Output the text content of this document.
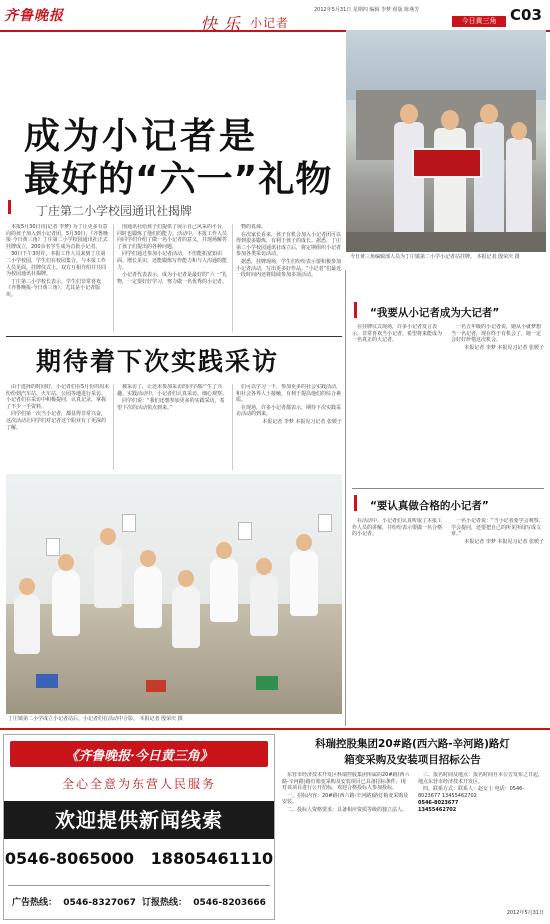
齐鲁晚报	快乐 小记者
2012年5月31日 星期四 编辑 李梦 组版 陈燕芳
今日黄三角 C03
成为小记者是
最好的“六一”礼物
丁庄第二小学校园通讯社揭牌
今日黄三角编辑部人员为丁庄镇第二小学小记者站挂牌。 本报记者 殷荣庆 摄

本报5月30日讯(记者 李梦) 为了让更多有意向的孩子加入到小记者团，5月30日，《齐鲁晚报·今日黄三角》丁庄第二小学校园通讯社正式挂牌成立，200余名学生成为首批小记者。

30日下午3时许，本报工作人员来到丁庄第二小学校园，学生们在校园集合，与本报工作人员见面。挂牌仪式上，双方互相介绍并共同为校园通讯社揭牌。

丁庄第二小学校长表示，学生们非常喜欢《齐鲁晚报·今日黄三角》，尤其是小记者版块。

围通讯社给孩子们提供了展示自己风采的平台，同时也锻炼了他们的能力。活动中，本报工作人员向同学们介绍了做一名小记者的意义，并现场解答了孩子们提出的各种问题。

同学们通过参加小记者活动，不但能拓宽知识面、增长见识，还能锻炼写作能力和与人沟通的能力。

小记者代表表示，成为小记者是最好的“六一”礼物，一定要好好学习，努力做一名优秀的小记者。

物的真谛。

在次家长看来，孩子有机会加入小记者团可以得到很多锻炼，有利于孩子的成长。据悉，丁庄第二小学校园通讯社成立后，将定期组织小记者参加各类采访活动。

据悉，挂牌现场，学生们纷纷表示要积极参加小记者活动，写出更多好作品。“小记者”们最近一段时间内还将陆续参加多项活动。

期待着下次实践采访

由于选择的时间好，小记者们在5月份的周末纷纷到汽车站、火车站、公园等地进行采访。小记者们在采访中积极提问，认真记录，掌握了不少一手资料。

同学们第一次当小记者，都显得非常兴奋，这次活动让同学们对记者这个职业有了更深的了解。

被采访了，让还未参加采访的同学都产生了兴趣。实践活动中，小记者们认真采访、细心观察。

同学们说：“我们还想参加更多的实践采访，希望下次的活动快点到来。”

们可以学习一下，参加更多的社会实践活动，和社会各界人士接触，有利于提高他们的综合素质。

在现场，许多小记者都表示，期待下次实践采访活动的到来。

本报记者 李梦 本报见习记者 张媛子

丁庄镇第二小学成立小记者站后，小记者们在活动中合影。 本报记者 殷荣庆 摄
“我要从小记者成为大记者”

在挂牌仪式现场，许多小记者发言表示，非常喜欢当小记者，希望将来能成为一名真正的大记者。

一名五年级的小记者说，她从小就梦想当一名记者，现在终于有机会了，她一定会好好珍惜这次机会。

本报记者 李梦 本报见习记者 张媛子

“要认真做合格的小记者”

在活动中，小记者们认真听取了本报工作人员的讲解，并纷纷表示要做一名合格的小记者。

一名小记者说：“当小记者要学会观察、学会提问，还要把自己的所见所闻写成文章。”

本报记者 李梦 本报见习记者 张媛子

《齐鲁晚报·今日黄三角》
全心全意为东营人民服务
欢迎提供新闻线索
0546-8065000   18805461110
广告热线：  0546-8327067 订报热线：  0546-8203666
科瑞控股集团20#路(西六路-辛河路)路灯
箱变采购及安装项目招标公告

东营市经济技术开发区科瑞控股集团所属的20#路(西六路-辛河路)路灯箱变采购及安装项目已具备招标条件，现对该项目进行公开招标，欢迎合格投标人参加投标。

一、招标内容：20#路(西六路-辛河路)路灯箱变采购及安装。

二、投标人资格要求：具备相应资质等级的独立法人。

三、报名时间及地点：报名时间自本公告发布之日起，地点东营市经济技术开发区。

四、联系方式：联系人：赵女士 电话：0546-8023677 13455462702

0546-8023677
13455462702
2012年5月31日
